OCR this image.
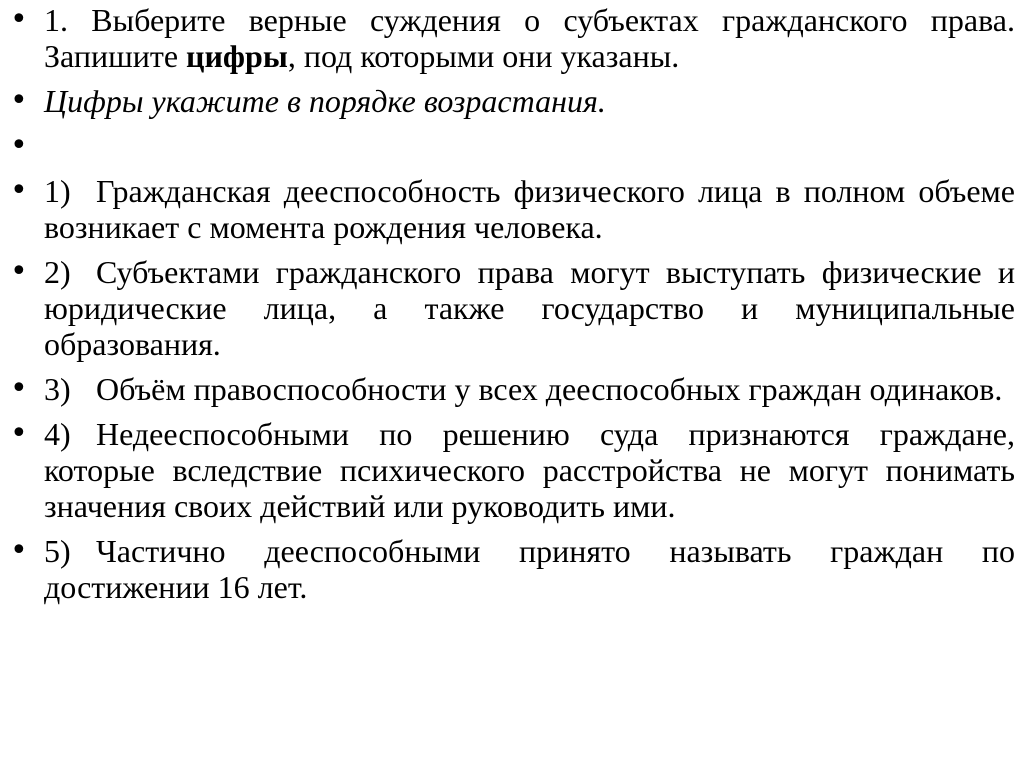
• 1. Выберите верные суждения о субъектах гражданского права. Запишите цифры, под которыми они указаны.
• Цифры укажите в порядке возрастания.
•
• 1) Гражданская дееспособность физического лица в полном объеме возникает с момента рождения человека.
• 2) Субъектами гражданского права могут выступать физические и юридические лица, а также государство и муниципальные образования.
• 3) Объём правоспособности у всех дееспособных граждан одинаков.
• 4) Недееспособными по решению суда признаются граждане, которые вследствие психического расстройства не могут понимать значения своих действий или руководить ими.
• 5) Частично дееспособными принято называть граждан по достижении 16 лет.
